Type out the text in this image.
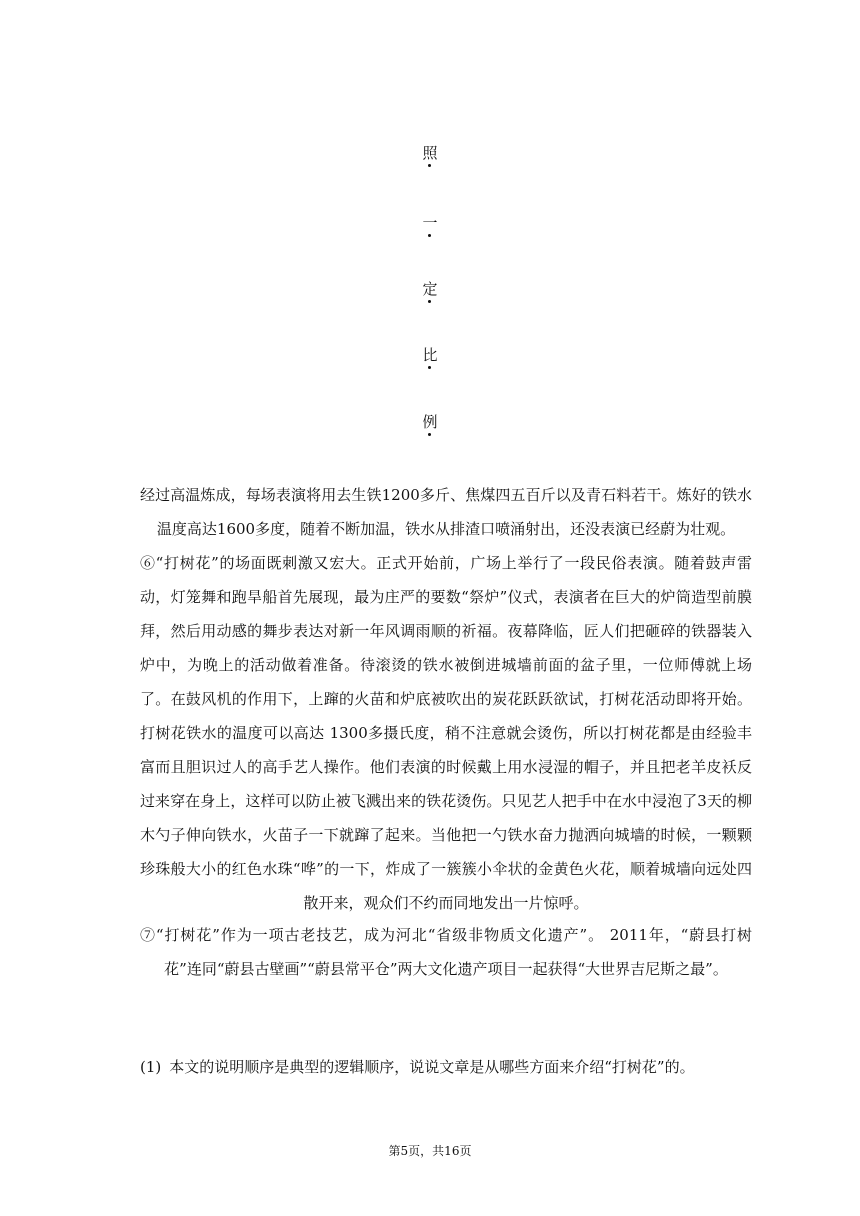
照
一
定
比
例
经过高温炼成，每场表演将用去生铁1200多斤、焦煤四五百斤以及青石料若干。炼好的铁水温度高达1600多度，随着不断加温，铁水从排渣口喷涌射出，还没表演已经蔚为壮观。
⑥“打树花”的场面既刺激又宏大。正式开始前，广场上举行了一段民俗表演。随着鼓声雷动，灯笼舞和跑旱船首先展现，最为庄严的要数“祭炉”仪式，表演者在巨大的炉筒造型前膜拜，然后用动感的舞步表达对新一年风调雨顺的祈福。夜幕降临，匠人们把砸碎的铁器装入炉中，为晚上的活动做着准备。待滚烫的铁水被倒进城墙前面的盆子里，一位师傅就上场了。在鼓风机的作用下，上蹿的火苗和炉底被吹出的炭花跃跃欲试，打树花活动即将开始。打树花铁水的温度可以高达 1300多摄氏度，稍不注意就会烫伤，所以打树花都是由经验丰富而且胆识过人的高手艺人操作。他们表演的时候戴上用水浸湿的帽子，并且把老羊皮袄反过来穿在身上，这样可以防止被飞溅出来的铁花烫伤。只见艺人把手中在水中浸泡了3天的柳木勺子伸向铁水，火苗子一下就蹿了起来。当他把一勺铁水奋力抛洒向城墙的时候，一颗颗珍珠般大小的红色水珠“哗”的一下，炸成了一簇簇小伞状的金黄色火花，顺着城墙向远处四散开来，观众们不约而同地发出一片惊呼。
⑦“打树花”作为一项古老技艺，成为河北“省级非物质文化遗产”。 2011年，“蔚县打树花”连同“蔚县古壁画”“蔚县常平仓”两大文化遗产项目一起获得“大世界吉尼斯之最”。
(1) 本文的说明顺序是典型的逻辑顺序，说说文章是从哪些方面来介绍“打树花”的。
第5页，共16页
